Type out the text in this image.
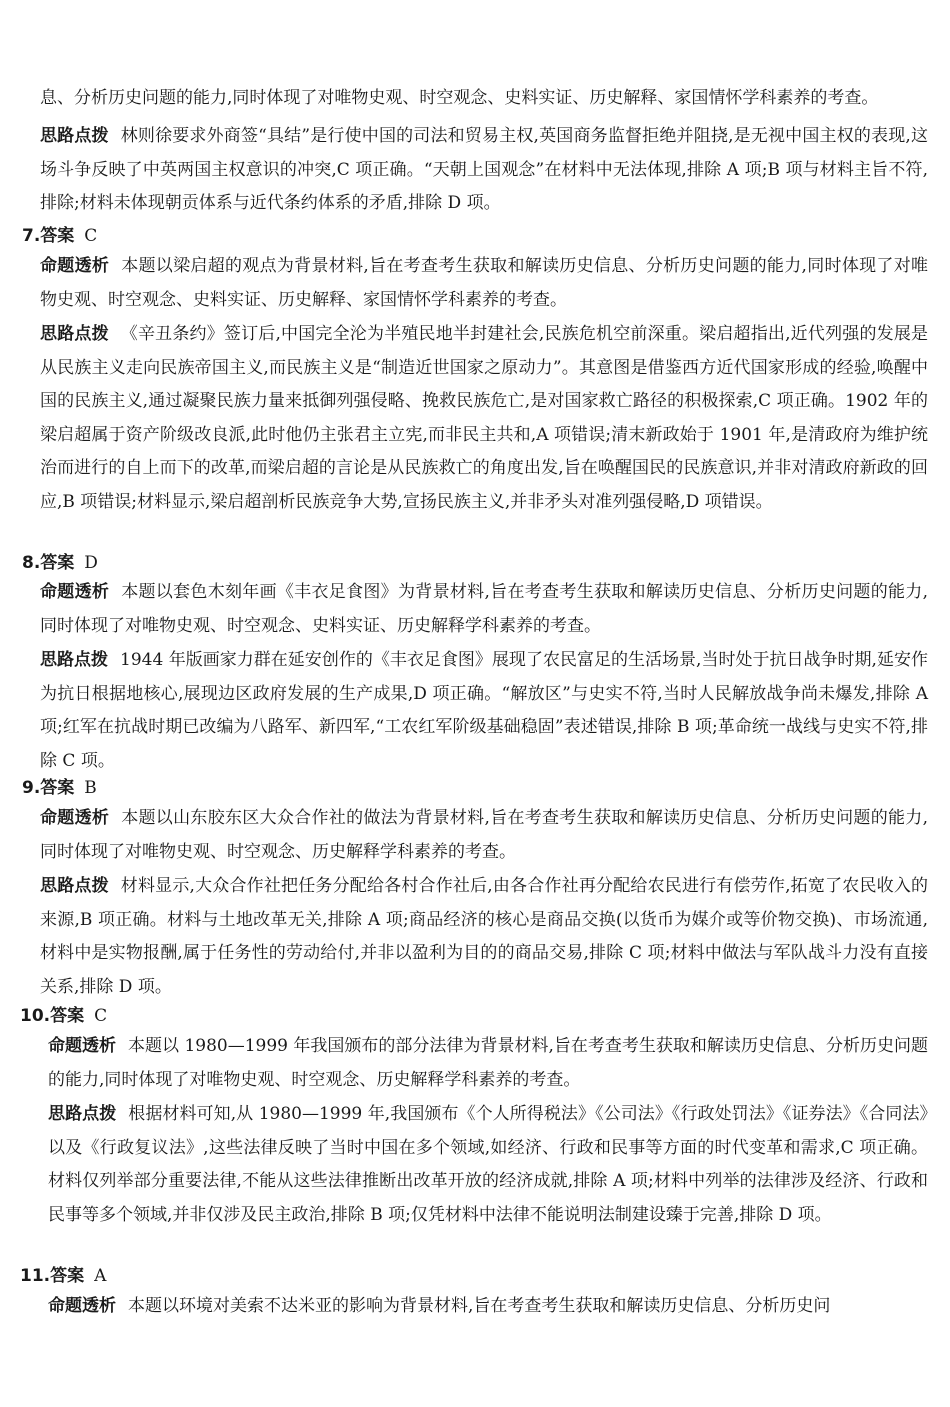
息、分析历史问题的能力,同时体现了对唯物史观、时空观念、史料实证、历史解释、家国情怀学科素养的考查。

思路点拨 林则徐要求外商签“具结”是行使中国的司法和贸易主权,英国商务监督拒绝并阻挠,是无视中国主权的表现,这场斗争反映了中英两国主权意识的冲突,C 项正确。“天朝上国观念”在材料中无法体现,排除 A 项;B 项与材料主旨不符,排除;材料未体现朝贡体系与近代条约体系的矛盾,排除 D 项。

7.答案 C

命题透析 本题以梁启超的观点为背景材料,旨在考查考生获取和解读历史信息、分析历史问题的能力,同时体现了对唯物史观、时空观念、史料实证、历史解释、家国情怀学科素养的考查。

思路点拨 《辛丑条约》签订后,中国完全沦为半殖民地半封建社会,民族危机空前深重。梁启超指出,近代列强的发展是从民族主义走向民族帝国主义,而民族主义是“制造近世国家之原动力”。其意图是借鉴西方近代国家形成的经验,唤醒中国的民族主义,通过凝聚民族力量来抵御列强侵略、挽救民族危亡,是对国家救亡路径的积极探索,C 项正确。1902 年的梁启超属于资产阶级改良派,此时他仍主张君主立宪,而非民主共和,A 项错误;清末新政始于 1901 年,是清政府为维护统治而进行的自上而下的改革,而梁启超的言论是从民族救亡的角度出发,旨在唤醒国民的民族意识,并非对清政府新政的回应,B 项错误;材料显示,梁启超剖析民族竞争大势,宣扬民族主义,并非矛头对准列强侵略,D 项错误。

8.答案 D

命题透析 本题以套色木刻年画《丰衣足食图》为背景材料,旨在考查考生获取和解读历史信息、分析历史问题的能力,同时体现了对唯物史观、时空观念、史料实证、历史解释学科素养的考查。

思路点拨 1944 年版画家力群在延安创作的《丰衣足食图》展现了农民富足的生活场景,当时处于抗日战争时期,延安作为抗日根据地核心,展现边区政府发展的生产成果,D 项正确。“解放区”与史实不符,当时人民解放战争尚未爆发,排除 A 项;红军在抗战时期已改编为八路军、新四军,“工农红军阶级基础稳固”表述错误,排除 B 项;革命统一战线与史实不符,排除 C 项。

9.答案 B

命题透析 本题以山东胶东区大众合作社的做法为背景材料,旨在考查考生获取和解读历史信息、分析历史问题的能力,同时体现了对唯物史观、时空观念、历史解释学科素养的考查。

思路点拨 材料显示,大众合作社把任务分配给各村合作社后,由各合作社再分配给农民进行有偿劳作,拓宽了农民收入的来源,B 项正确。材料与土地改革无关,排除 A 项;商品经济的核心是商品交换(以货币为媒介或等价物交换)、市场流通,材料中是实物报酬,属于任务性的劳动给付,并非以盈利为目的的商品交易,排除 C 项;材料中做法与军队战斗力没有直接关系,排除 D 项。

10.答案 C

命题透析 本题以 1980—1999 年我国颁布的部分法律为背景材料,旨在考查考生获取和解读历史信息、分析历史问题的能力,同时体现了对唯物史观、时空观念、历史解释学科素养的考查。

思路点拨 根据材料可知,从 1980—1999 年,我国颁布《个人所得税法》《公司法》《行政处罚法》《证券法》《合同法》以及《行政复议法》,这些法律反映了当时中国在多个领域,如经济、行政和民事等方面的时代变革和需求,C 项正确。材料仅列举部分重要法律,不能从这些法律推断出改革开放的经济成就,排除 A 项;材料中列举的法律涉及经济、行政和民事等多个领域,并非仅涉及民主政治,排除 B 项;仅凭材料中法律不能说明法制建设臻于完善,排除 D 项。

11.答案 A

命题透析 本题以环境对美索不达米亚的影响为背景材料,旨在考查考生获取和解读历史信息、分析历史问
